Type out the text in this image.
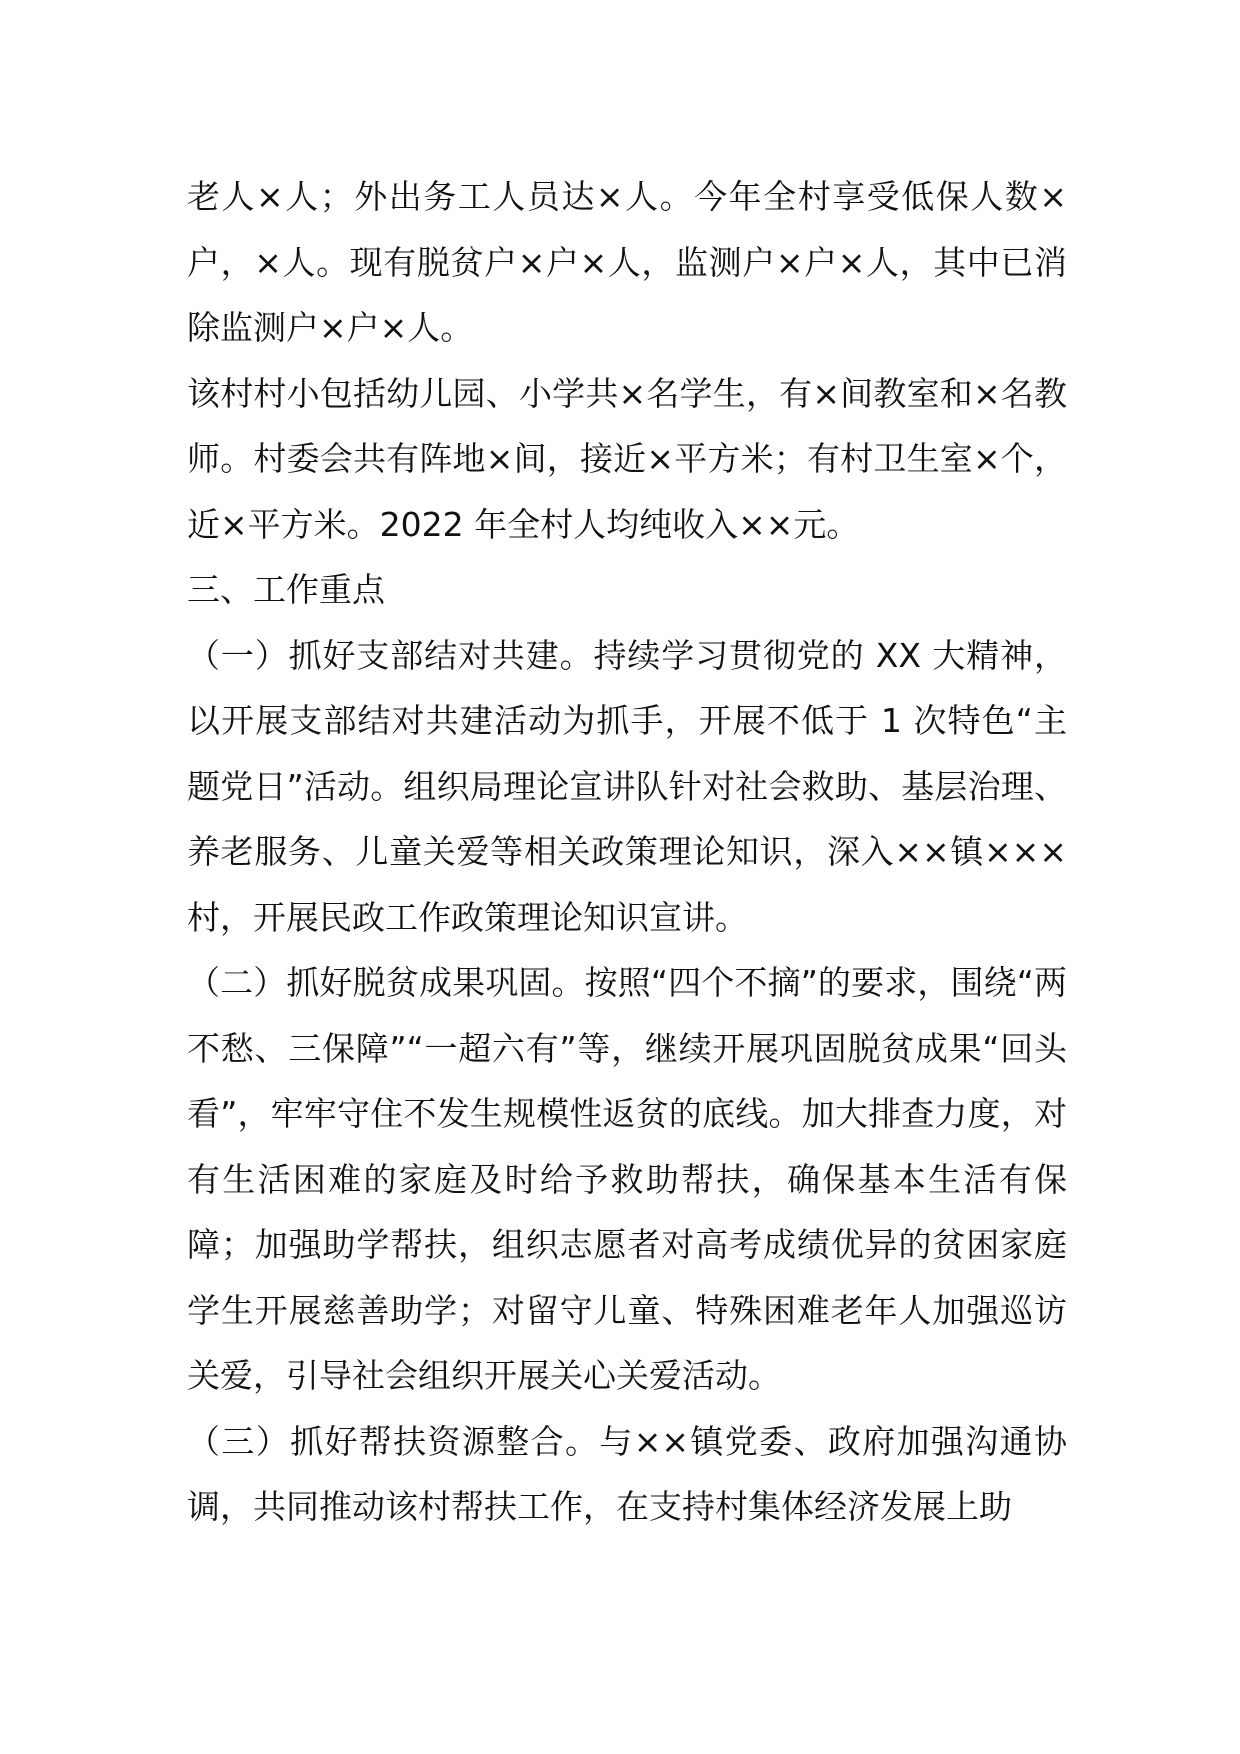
老人×人；外出务工人员达×人。今年全村享受低保人数×户，×人。现有脱贫户×户×人，监测户×户×人，其中已消除监测户×户×人。

该村村小包括幼儿园、小学共×名学生，有×间教室和×名教师。村委会共有阵地×间，接近×平方米；有村卫生室×个，近×平方米。2022 年全村人均纯收入××元。

三、工作重点

（一）抓好支部结对共建。持续学习贯彻党的 XX 大精神，以开展支部结对共建活动为抓手，开展不低于 1 次特色“主题党日”活动。组织局理论宣讲队针对社会救助、基层治理、养老服务、儿童关爱等相关政策理论知识，深入××镇×××村，开展民政工作政策理论知识宣讲。

（二）抓好脱贫成果巩固。按照“四个不摘”的要求，围绕“两不愁、三保障”“一超六有”等，继续开展巩固脱贫成果“回头看”，牢牢守住不发生规模性返贫的底线。加大排查力度，对有生活困难的家庭及时给予救助帮扶，确保基本生活有保障；加强助学帮扶，组织志愿者对高考成绩优异的贫困家庭学生开展慈善助学；对留守儿童、特殊困难老年人加强巡访关爱，引导社会组织开展关心关爱活动。

（三）抓好帮扶资源整合。与××镇党委、政府加强沟通协调，共同推动该村帮扶工作，在支持村集体经济发展上助
